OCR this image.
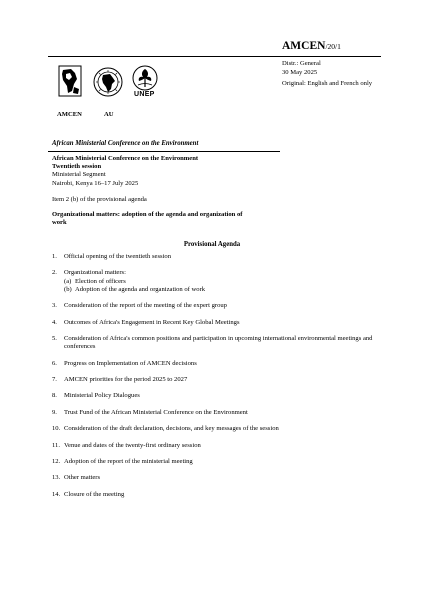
AMCEN/20/1
Distr.: General
30 May 2025
Original: English and French only
UNEP
AMCEN	AU
African Ministerial Conference on the Environment
African Ministerial Conference on the Environment
Twentieth session
Ministerial Segment
Nairobi, Kenya 16–17 July 2025
Item 2 (b) of the provisional agenda
Organizational matters: adoption of the agenda and organization of work
Provisional Agenda
1. Official opening of the twentieth session
2. Organizational matters:
(a) Election of officers
(b) Adoption of the agenda and organization of work
3. Consideration of the report of the meeting of the expert group
4. Outcomes of Africa's Engagement in Recent Key Global Meetings
5. Consideration of Africa's common positions and participation in upcoming international environmental meetings and conferences
6. Progress on Implementation of AMCEN decisions
7. AMCEN priorities for the period 2025 to 2027
8. Ministerial Policy Dialogues
9. Trust Fund of the African Ministerial Conference on the Environment
10. Consideration of the draft declaration, decisions, and key messages of the session
11. Venue and dates of the twenty-first ordinary session
12. Adoption of the report of the ministerial meeting
13. Other matters
14. Closure of the meeting
